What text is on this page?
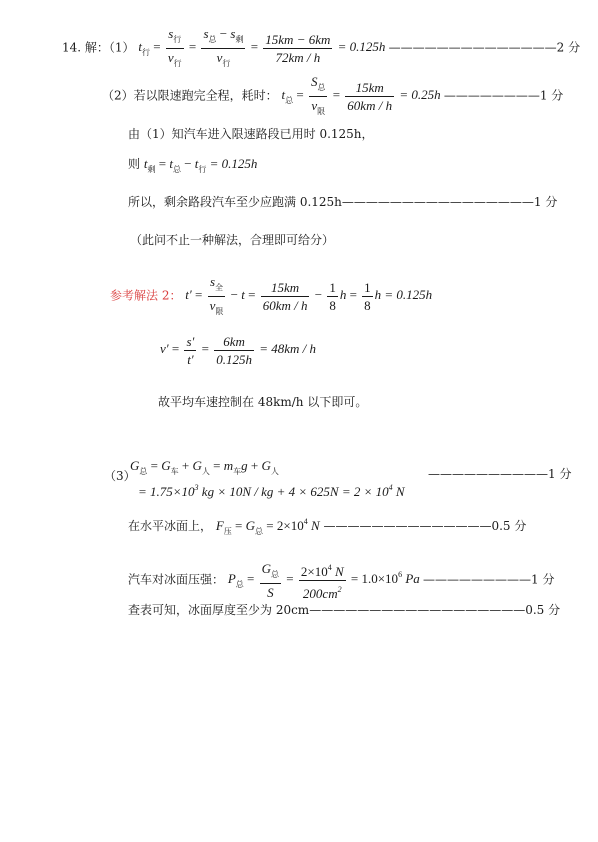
14. 解：（1） $t_行 = \frac{s_行}{v_行} = \frac{s_总 - s_剩}{v_行} = \frac{15km - 6km}{72km / h} = 0.125h$ ——————————————2 分
（2）若以限速跑完全程，耗时： $t_总 = \frac{S_总}{v_限} = \frac{15km}{60km / h} = 0.25h$ ————————1 分
由（1）知汽车进入限速路段已用时 0.125h，
则 $t_剩 = t_总 - t_行 = 0.125h$
所以，剩余路段汽车至少应跑满 0.125h————————————————1 分
（此问不止一种解法，合理即可给分）
参考解法 2： $t' = \frac{s_全}{v_限} - t = \frac{15km}{60km / h} - \frac{1}{8}$ $h = \frac{1}{8}$ h = 0.125h
$v' = \frac{s'}{t'} = \frac{6km}{0.125h} = 48km / h$
故平均车速控制在 48km/h 以下即可。
（3）
$G_总 = G_车 + G_人 = m_车g + G_人$	——————————1 分
= $1.75\times 10^3$ kg × 10N / kg + $4 \times 625N = 2 \times 10^4$ N
在水平冰面上， $F_压 = G_总 = 2\times 10^4$ N ——————————————0.5 分
汽车对冰面压强： $P_总 = \frac{G_总}{S} = \frac{2\times 10^4 N}{200cm^2} = 1.0\times 10^6$ Pa —————————1 分
查表可知，冰面厚度至少为 20cm——————————————————0.5 分
